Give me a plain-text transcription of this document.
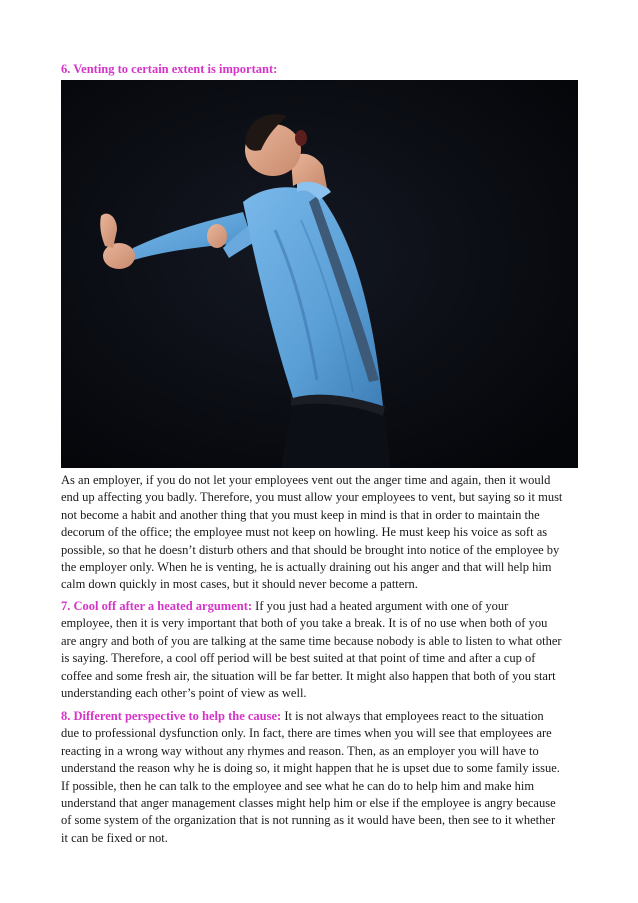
6. Venting to certain extent is important:

As an employer, if you do not let your employees vent out the anger time and again, then it would
end up affecting you badly. Therefore, you must allow your employees to vent, but saying so it must
not become a habit and another thing that you must keep in mind is that in order to maintain the
decorum of the office; the employee must not keep on howling. He must keep his voice as soft as
possible, so that he doesn’t disturb others and that should be brought into notice of the employee by
the employer only. When he is venting, he is actually draining out his anger and that will help him
calm down quickly in most cases, but it should never become a pattern.

7. Cool off after a heated argument: If you just had a heated argument with one of your
employee, then it is very important that both of you take a break. It is of no use when both of you
are angry and both of you are talking at the same time because nobody is able to listen to what other
is saying. Therefore, a cool off period will be best suited at that point of time and after a cup of
coffee and some fresh air, the situation will be far better. It might also happen that both of you start
understanding each other’s point of view as well.

8. Different perspective to help the cause: It is not always that employees react to the situation
due to professional dysfunction only. In fact, there are times when you will see that employees are
reacting in a wrong way without any rhymes and reason. Then, as an employer you will have to
understand the reason why he is doing so, it might happen that he is upset due to some family issue.
If possible, then he can talk to the employee and see what he can do to help him and make him
understand that anger management classes might help him or else if the employee is angry because
of some system of the organization that is not running as it would have been, then see to it whether
it can be fixed or not.
